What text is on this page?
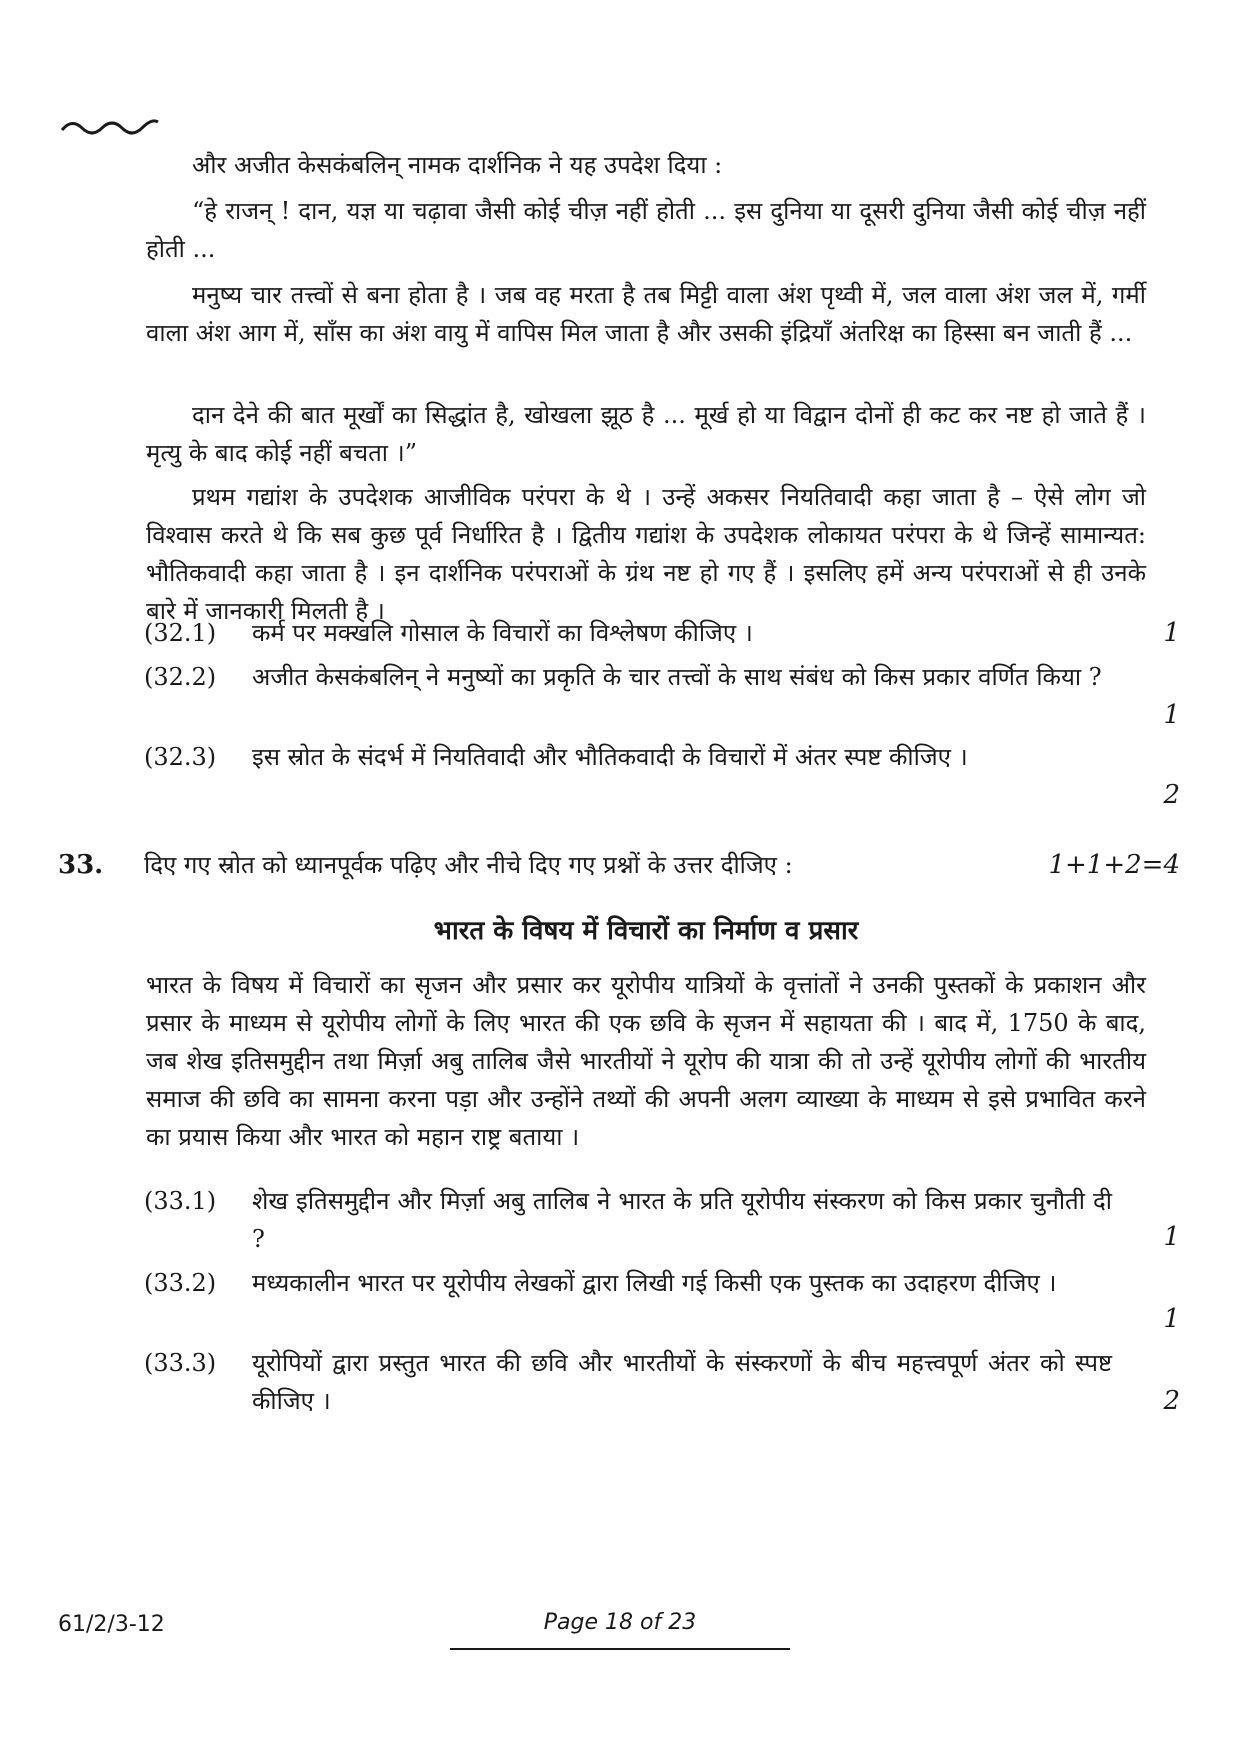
और अजीत केसकंबलिन् नामक दार्शनिक ने यह उपदेश दिया :

“हे राजन् ! दान, यज्ञ या चढ़ावा जैसी कोई चीज़ नहीं होती ... इस दुनिया या दूसरी दुनिया जैसी कोई चीज़ नहीं होती ...

मनुष्य चार तत्त्वों से बना होता है । जब वह मरता है तब मिट्टी वाला अंश पृथ्वी में, जल वाला अंश जल में, गर्मी वाला अंश आग में, साँस का अंश वायु में वापिस मिल जाता है और उसकी इंद्रियाँ अंतरिक्ष का हिस्सा बन जाती हैं ...

दान देने की बात मूर्खों का सिद्धांत है, खोखला झूठ है ... मूर्ख हो या विद्वान दोनों ही कट कर नष्ट हो जाते हैं । मृत्यु के बाद कोई नहीं बचता ।”

प्रथम गद्यांश के उपदेशक आजीविक परंपरा के थे । उन्हें अकसर नियतिवादी कहा जाता है – ऐसे लोग जो विश्वास करते थे कि सब कुछ पूर्व निर्धारित है । द्वितीय गद्यांश के उपदेशक लोकायत परंपरा के थे जिन्हें सामान्यत: भौतिकवादी कहा जाता है । इन दार्शनिक परंपराओं के ग्रंथ नष्ट हो गए हैं । इसलिए हमें अन्य परंपराओं से ही उनके बारे में जानकारी मिलती है ।

(32.1) कर्म पर मक्खलि गोसाल के विचारों का विश्लेषण कीजिए ।	1
(32.2) अजीत केसकंबलिन् ने मनुष्यों का प्रकृति के चार तत्त्वों के साथ संबंध को किस प्रकार वर्णित किया ?

1
(32.3) इस स्रोत के संदर्भ में नियतिवादी और भौतिकवादी के विचारों में अंतर स्पष्ट कीजिए ।

2
33. दिए गए स्रोत को ध्यानपूर्वक पढ़िए और नीचे दिए गए प्रश्नों के उत्तर दीजिए :	1+1+2=4
भारत के विषय में विचारों का निर्माण व प्रसार

भारत के विषय में विचारों का सृजन और प्रसार कर यूरोपीय यात्रियों के वृत्तांतों ने उनकी पुस्तकों के प्रकाशन और प्रसार के माध्यम से यूरोपीय लोगों के लिए भारत की एक छवि के सृजन में सहायता की । बाद में, 1750 के बाद, जब शेख इतिसमुद्दीन तथा मिर्ज़ा अबु तालिब जैसे भारतीयों ने यूरोप की यात्रा की तो उन्हें यूरोपीय लोगों की भारतीय समाज की छवि का सामना करना पड़ा और उन्होंने तथ्यों की अपनी अलग व्याख्या के माध्यम से इसे प्रभावित करने का प्रयास किया और भारत को महान राष्ट्र बताया ।

(33.1) शेख इतिसमुद्दीन और मिर्ज़ा अबु तालिब ने भारत के प्रति यूरोपीय संस्करण को किस प्रकार चुनौती दी ?	1
(33.2) मध्यकालीन भारत पर यूरोपीय लेखकों द्वारा लिखी गई किसी एक पुस्तक का उदाहरण दीजिए ।

1
(33.3) यूरोपियों द्वारा प्रस्तुत भारत की छवि और भारतीयों के संस्करणों के बीच महत्त्वपूर्ण अंतर को स्पष्ट कीजिए ।	2
61/2/3-12	Page 18 of 23
